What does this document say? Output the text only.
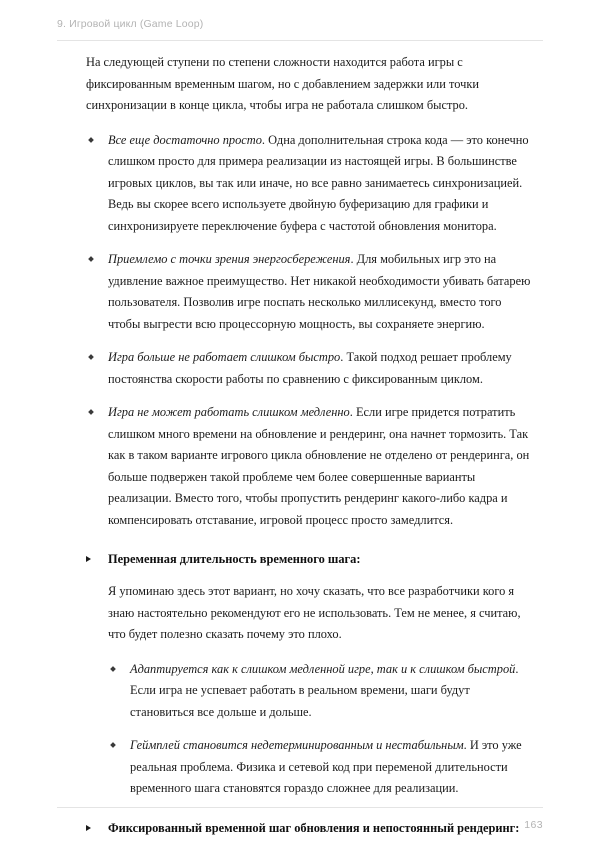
9. Игровой цикл (Game Loop)

На следующей ступени по степени сложности находится работа игры с фиксированным временным шагом, но с добавлением задержки или точки синхронизации в конце цикла, чтобы игра не работала слишком быстро.

Все еще достаточно просто. Одна дополнительная строка кода — это конечно слишком просто для примера реализации из настоящей игры. В большинстве игровых циклов, вы так или иначе, но все равно занимаетесь синхронизацией. Ведь вы скорее всего используете двойную буферизацию для графики и синхронизируете переключение буфера с частотой обновления монитора.
Приемлемо с точки зрения энергосбережения. Для мобильных игр это на удивление важное преимущество. Нет никакой необходимости убивать батарею пользователя. Позволив игре поспать несколько миллисекунд, вместо того чтобы выгрести всю процессорную мощность, вы сохраняете энергию.
Игра больше не работает слишком быстро. Такой подход решает проблему постоянства скорости работы по сравнению с фиксированным циклом.
Игра не может работать слишком медленно. Если игре придется потратить слишком много времени на обновление и рендеринг, она начнет тормозить. Так как в таком варианте игрового цикла обновление не отделено от рендеринга, он больше подвержен такой проблеме чем более совершенные варианты реализации. Вместо того, чтобы пропустить рендеринг какого-либо кадра и компенсировать отставание, игровой процесс просто замедлится.
Переменная длительность временного шага:

Я упоминаю здесь этот вариант, но хочу сказать, что все разработчики кого я знаю настоятельно рекомендуют его не использовать. Тем не менее, я считаю, что будет полезно сказать почему это плохо.

Адаптируется как к слишком медленной игре, так и к слишком быстрой. Если игра не успевает работать в реальном времени, шаги будут становиться все дольше и дольше.
Геймплей становится недетерминированным и нестабильным. И это уже реальная проблема. Физика и сетевой код при переменой длительности временного шага становятся гораздо сложнее для реализации.
Фиксированный временной шаг обновления и непостоянный рендеринг: 163
